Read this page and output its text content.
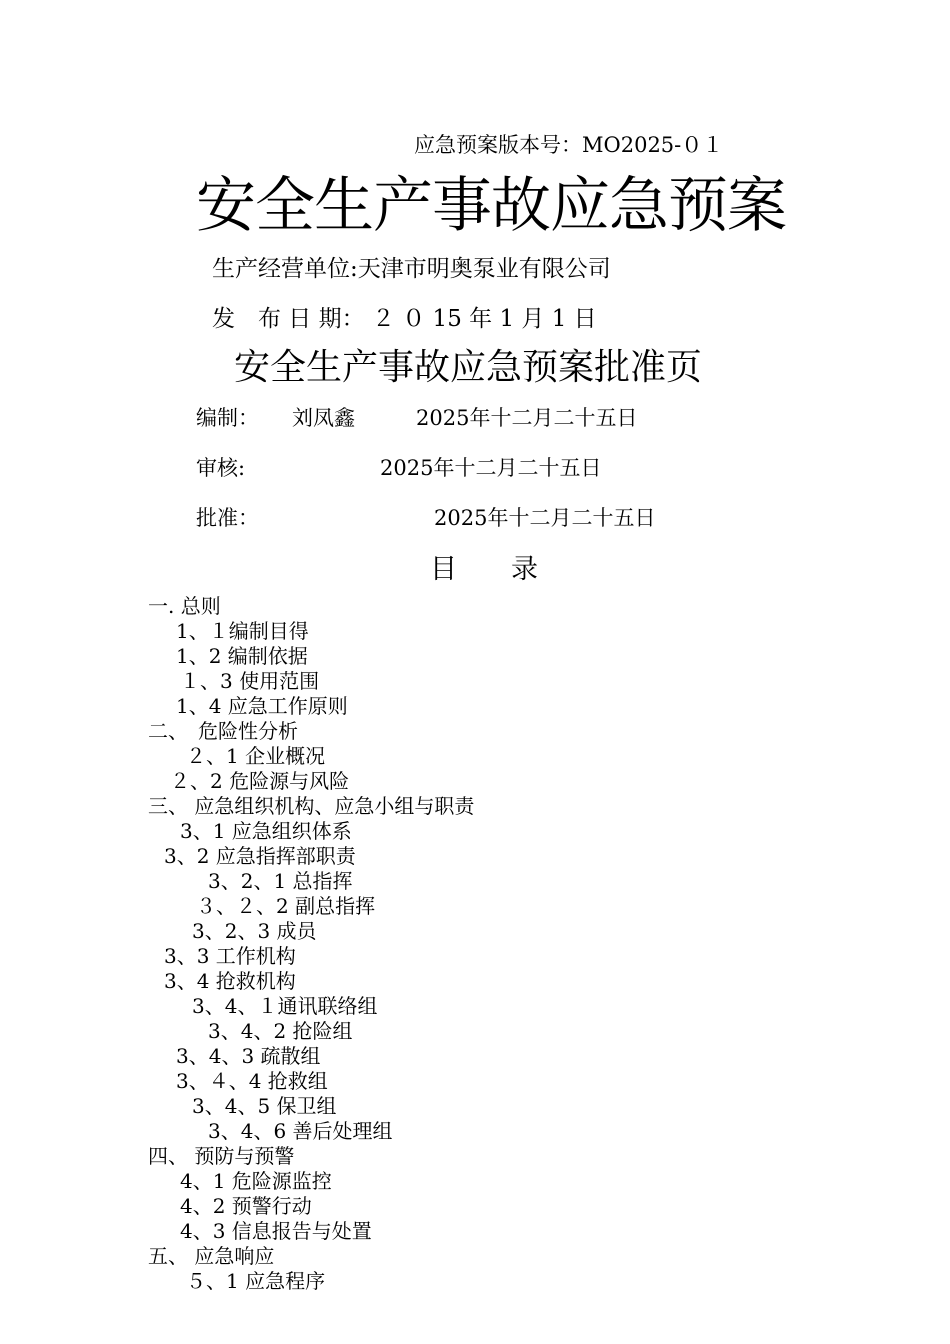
应急预案版本号：MO2025-０１
安全生产事故应急预案
生产经营单位:天津市明奥泵业有限公司
发　布 日 期： ２ ０ 15 年 1 月 1 日
安全生产事故应急预案批准页
编制： 刘凤鑫	2025年十二月二十五日
审核:	2025年十二月二十五日
批准：	2025年十二月二十五日
目　　录
一. 总则
1、１编制目得
1、2 编制依据
１、3 使用范围
1、4 应急工作原则
二、　危险性分析
２、1 企业概况
２、2 危险源与风险
三、 应急组织机构、应急小组与职责
3、1 应急组织体系
3、2 应急指挥部职责
3、2、1 总指挥
３、２、2 副总指挥
3、2、3 成员
3、3 工作机构
3、4 抢救机构
3、4、１通讯联络组
3、4、2 抢险组
3、4、3 疏散组
3、４、4 抢救组
3、4、5 保卫组
3、4、6 善后处理组
四、 预防与预警
4、1 危险源监控
4、2 预警行动
4、3 信息报告与处置
五、 应急响应
５、1 应急程序
